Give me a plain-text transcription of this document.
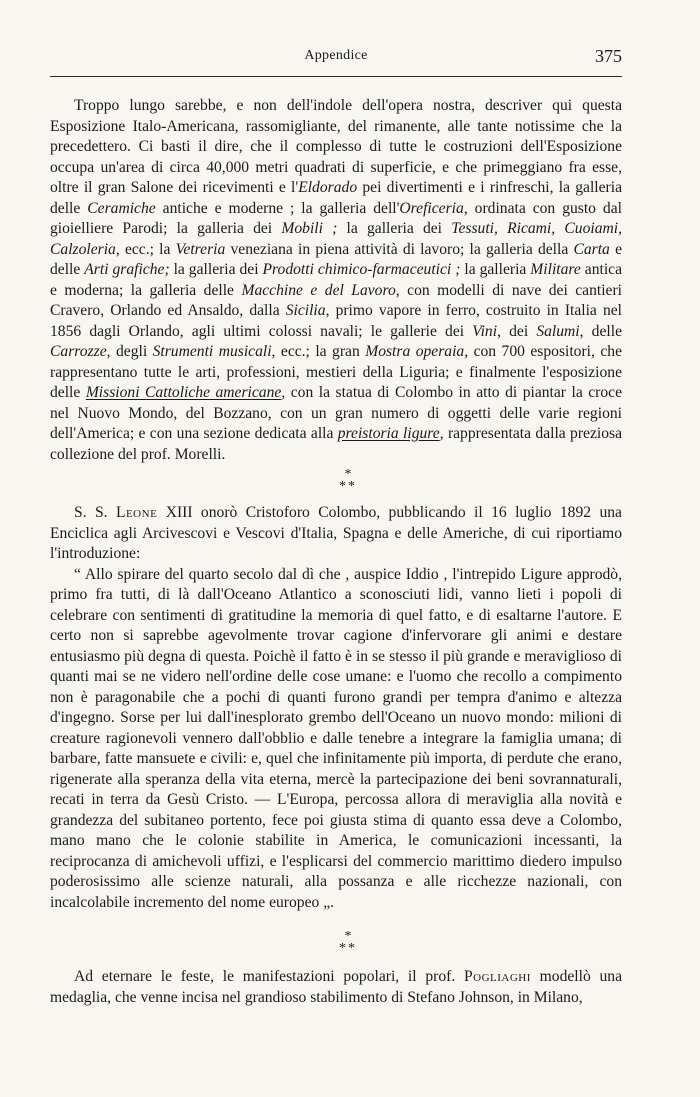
Appendice	375

Troppo lungo sarebbe, e non dell'indole dell'opera nostra, descriver qui questa Esposizione Italo-Americana, rassomigliante, del rimanente, alle tante notissime che la precedettero. Ci basti il dire, che il complesso di tutte le costruzioni dell'Esposizione occupa un'area di circa 40,000 metri quadrati di superficie, e che primeggiano fra esse, oltre il gran Salone dei ricevimenti e l'Eldorado pei divertimenti e i rinfreschi, la galleria delle Ceramiche antiche e moderne ; la galleria dell'Oreficeria, ordinata con gusto dal gioielliere Parodi; la galleria dei Mobili ; la galleria dei Tessuti, Ricami, Cuoiami, Calzoleria, ecc.; la Vetreria veneziana in piena attività di lavoro; la galleria della Carta e delle Arti grafiche; la galleria dei Prodotti chimico-farmaceutici ; la galleria Militare antica e moderna; la galleria delle Macchine e del Lavoro, con modelli di nave dei cantieri Cravero, Orlando ed Ansaldo, dalla Sicilia, primo vapore in ferro, costruito in Italia nel 1856 dagli Orlando, agli ultimi colossi navali; le gallerie dei Vini, dei Salumi, delle Carrozze, degli Strumenti musicali, ecc.; la gran Mostra operaia, con 700 espositori, che rappresentano tutte le arti, professioni, mestieri della Liguria; e finalmente l'esposizione delle Missioni Cattoliche americane, con la statua di Colombo in atto di piantar la croce nel Nuovo Mondo, del Bozzano, con un gran numero di oggetti delle varie regioni dell'America; e con una sezione dedicata alla preistoria ligure, rappresentata dalla preziosa collezione del prof. Morelli.

*
**

S. S. Leone XIII onorò Cristoforo Colombo, pubblicando il 16 luglio 1892 una Enciclica agli Arcivescovi e Vescovi d'Italia, Spagna e delle Americhe, di cui riportiamo l'introduzione:

“ Allo spirare del quarto secolo dal dì che , auspice Iddio , l'intrepido Ligure approdò, primo fra tutti, di là dall'Oceano Atlantico a sconosciuti lidi, vanno lieti i popoli di celebrare con sentimenti di gratitudine la memoria di quel fatto, e di esaltarne l'autore. E certo non si saprebbe agevolmente trovar cagione d'infervorare gli animi e destare entusiasmo più degna di questa. Poichè il fatto è in se stesso il più grande e meraviglioso di quanti mai se ne videro nell'ordine delle cose umane: e l'uomo che recollo a compimento non è paragonabile che a pochi di quanti furono grandi per tempra d'animo e altezza d'ingegno. Sorse per lui dall'inesplorato grembo dell'Oceano un nuovo mondo: milioni di creature ragionevoli vennero dall'obblio e dalle tenebre a integrare la famiglia umana; di barbare, fatte mansuete e civili: e, quel che infinitamente più importa, di perdute che erano, rigenerate alla speranza della vita eterna, mercè la partecipazione dei beni sovrannaturali, recati in terra da Gesù Cristo. — L'Europa, percossa allora di meraviglia alla novità e grandezza del subitaneo portento, fece poi giusta stima di quanto essa deve a Colombo, mano mano che le colonie stabilite in America, le comunicazioni incessanti, la reciprocanza di amichevoli uffizi, e l'esplicarsi del commercio marittimo diedero impulso poderosissimo alle scienze naturali, alla possanza e alle ricchezze nazionali, con incalcolabile incremento del nome europeo „.

*
**

Ad eternare le feste, le manifestazioni popolari, il prof. Pogliaghi modellò una medaglia, che venne incisa nel grandioso stabilimento di Stefano Johnson, in Milano,
